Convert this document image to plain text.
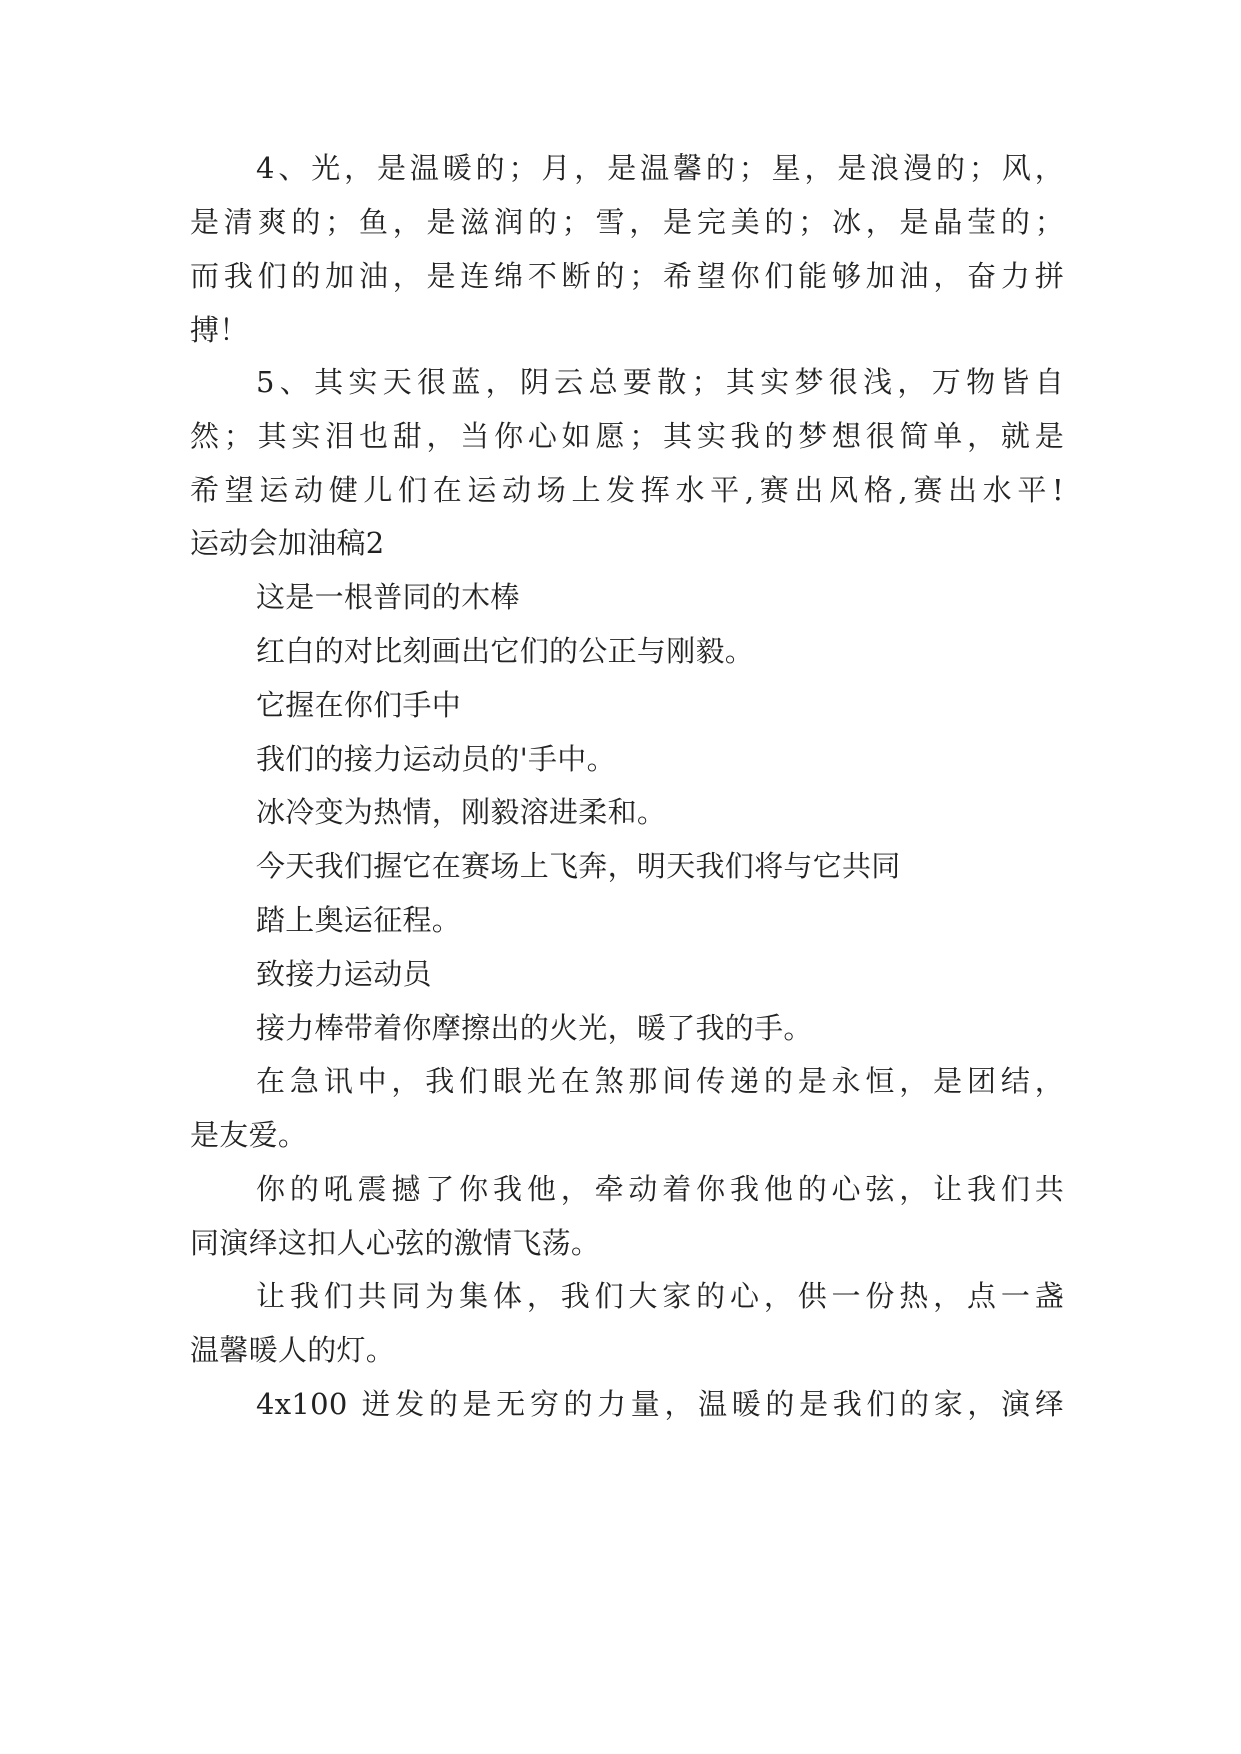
4、光，是温暖的；月，是温馨的；星，是浪漫的；风，
是清爽的；鱼，是滋润的；雪，是完美的；冰，是晶莹的；
而我们的加油，是连绵不断的；希望你们能够加油，奋力拼
搏！
5、其实天很蓝，阴云总要散；其实梦很浅，万物皆自
然；其实泪也甜，当你心如愿；其实我的梦想很简单，就是
希望运动健儿们在运动场上发挥水平,赛出风格,赛出水平!
运动会加油稿2
这是一根普同的木棒
红白的对比刻画出它们的公正与刚毅。
它握在你们手中
我们的接力运动员的'手中。
冰冷变为热情，刚毅溶进柔和。
今天我们握它在赛场上飞奔，明天我们将与它共同
踏上奥运征程。
致接力运动员
接力棒带着你摩擦出的火光，暖了我的手。
在急讯中，我们眼光在煞那间传递的是永恒，是团结，
是友爱。
你的吼震撼了你我他，牵动着你我他的心弦，让我们共
同演绎这扣人心弦的激情飞荡。
让我们共同为集体，我们大家的心，供一份热，点一盏
温馨暖人的灯。
4x100 迸发的是无穷的力量，温暖的是我们的家，演绎
